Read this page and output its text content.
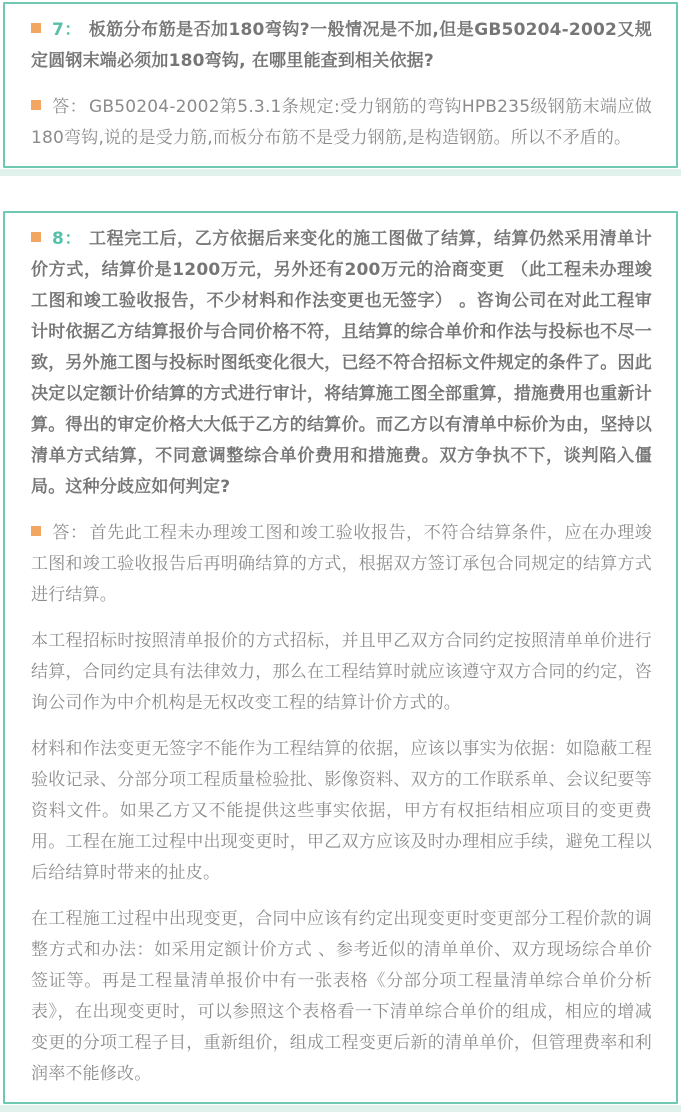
7： 板筋分布筋是否加180弯钩?一般情况是不加,但是GB50204-2002又规定圆钢末端必须加180弯钩, 在哪里能查到相关依据?

答： GB50204-2002第5.3.1条规定:受力钢筋的弯钩HPB235级钢筋末端应做180弯钩,说的是受力筋,而板分布筋不是受力钢筋,是构造钢筋。所以不矛盾的。

8： 工程完工后，乙方依据后来变化的施工图做了结算，结算仍然采用清单计价方式，结算价是1200万元，另外还有200万元的洽商变更 （此工程未办理竣工图和竣工验收报告，不少材料和作法变更也无签字） 。咨询公司在对此工程审计时依据乙方结算报价与合同价格不符，且结算的综合单价和作法与投标也不尽一致，另外施工图与投标时图纸变化很大，已经不符合招标文件规定的条件了。因此决定以定额计价结算的方式进行审计，将结算施工图全部重算，措施费用也重新计算。得出的审定价格大大低于乙方的结算价。而乙方以有清单中标价为由，坚持以清单方式结算，不同意调整综合单价费用和措施费。双方争执不下，谈判陷入僵局。这种分歧应如何判定?

答： 首先此工程未办理竣工图和竣工验收报告，不符合结算条件，应在办理竣工图和竣工验收报告后再明确结算的方式，根据双方签订承包合同规定的结算方式进行结算。

本工程招标时按照清单报价的方式招标，并且甲乙双方合同约定按照清单单价进行结算，合同约定具有法律效力，那么在工程结算时就应该遵守双方合同的约定，咨询公司作为中介机构是无权改变工程的结算计价方式的。

材料和作法变更无签字不能作为工程结算的依据，应该以事实为依据：如隐蔽工程验收记录、分部分项工程质量检验批、影像资料、双方的工作联系单、会议纪要等资料文件。如果乙方又不能提供这些事实依据，甲方有权拒结相应项目的变更费用。工程在施工过程中出现变更时，甲乙双方应该及时办理相应手续，避免工程以后给结算时带来的扯皮。

在工程施工过程中出现变更，合同中应该有约定出现变更时变更部分工程价款的调整方式和办法：如采用定额计价方式 、参考近似的清单单价、双方现场综合单价签证等。再是工程量清单报价中有一张表格《分部分项工程量清单综合单价分析表》，在出现变更时，可以参照这个表格看一下清单综合单价的组成，相应的增减变更的分项工程子目，重新组价，组成工程变更后新的清单单价，但管理费率和利润率不能修改。
